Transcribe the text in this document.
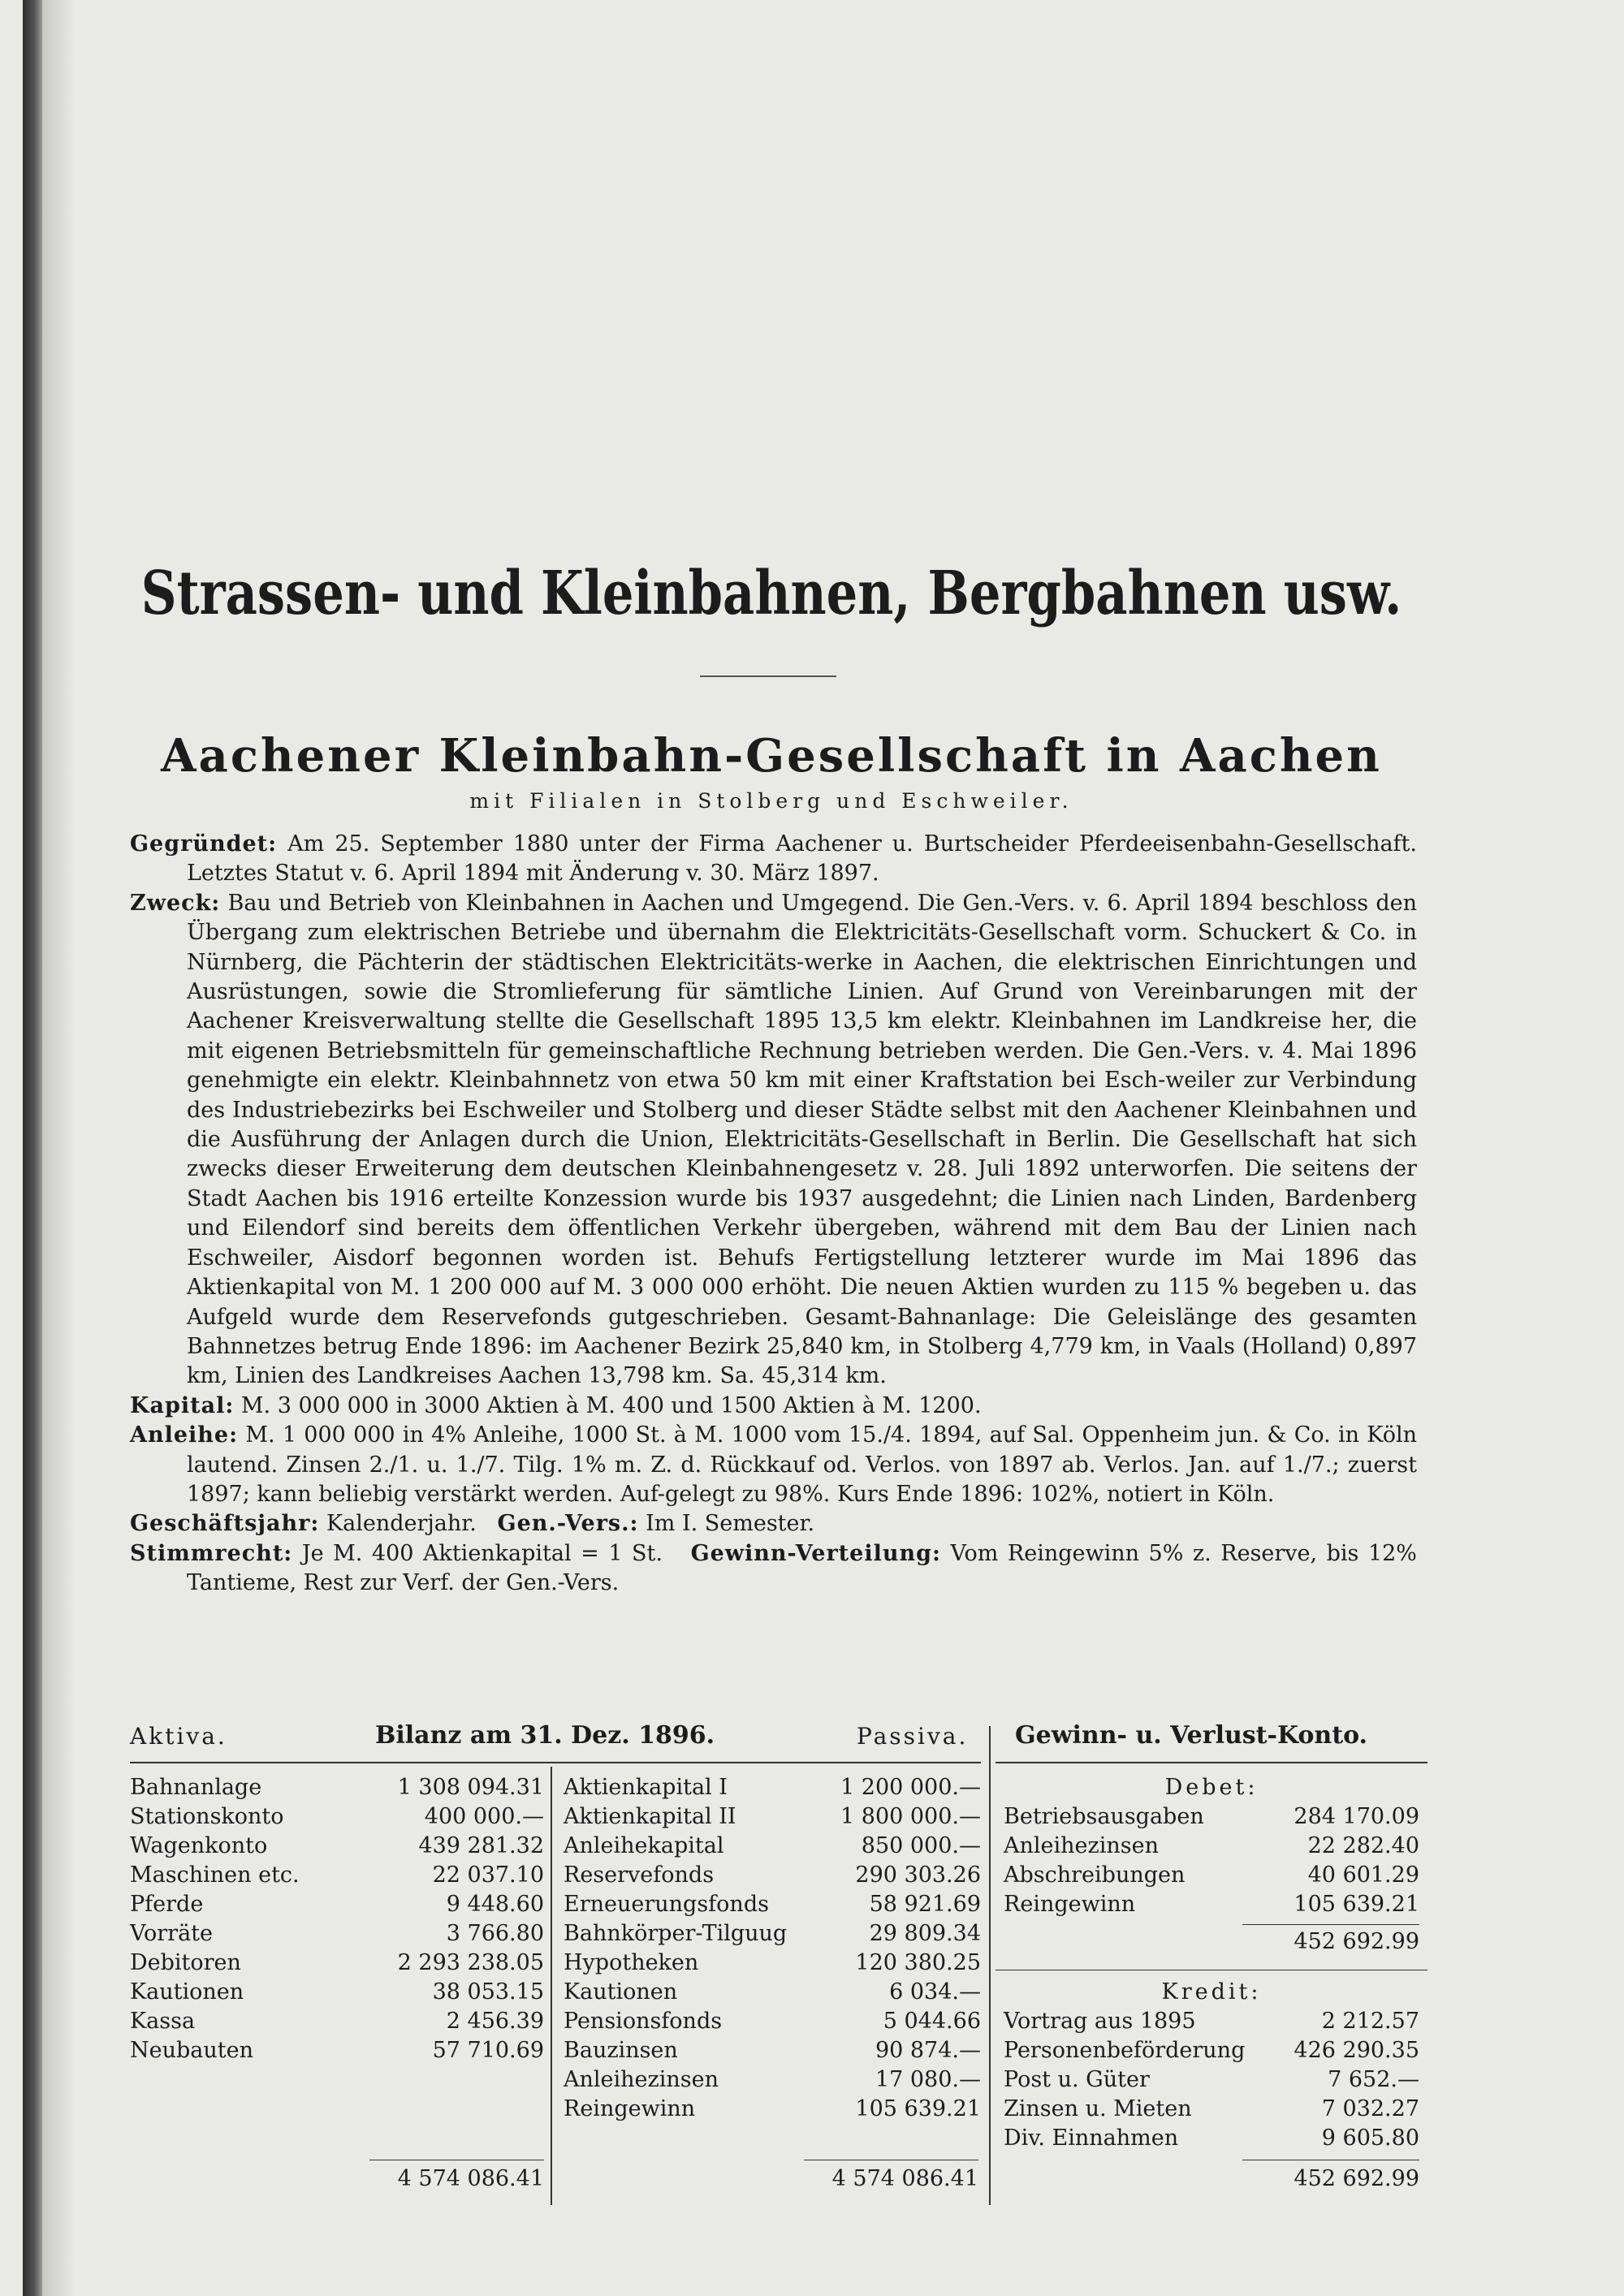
Strassen- und Kleinbahnen, Bergbahnen usw.
Aachener Kleinbahn-Gesellschaft in Aachen
mit Filialen in Stolberg und Eschweiler.

Gegründet: Am 25. September 1880 unter der Firma Aachener u. Burtscheider Pferdeeisenbahn-Gesellschaft. Letztes Statut v. 6. April 1894 mit Änderung v. 30. März 1897.

Zweck: Bau und Betrieb von Kleinbahnen in Aachen und Umgegend. Die Gen.-Vers. v. 6. April 1894 beschloss den Übergang zum elektrischen Betriebe und übernahm die Elektricitäts-Gesellschaft vorm. Schuckert & Co. in Nürnberg, die Pächterin der städtischen Elektricitäts-werke in Aachen, die elektrischen Einrichtungen und Ausrüstungen, sowie die Stromlieferung für sämtliche Linien. Auf Grund von Vereinbarungen mit der Aachener Kreisverwaltung stellte die Gesellschaft 1895 13,5 km elektr. Kleinbahnen im Landkreise her, die mit eigenen Betriebsmitteln für gemeinschaftliche Rechnung betrieben werden. Die Gen.-Vers. v. 4. Mai 1896 genehmigte ein elektr. Kleinbahnnetz von etwa 50 km mit einer Kraftstation bei Esch-weiler zur Verbindung des Industriebezirks bei Eschweiler und Stolberg und dieser Städte selbst mit den Aachener Kleinbahnen und die Ausführung der Anlagen durch die Union, Elektricitäts-Gesellschaft in Berlin. Die Gesellschaft hat sich zwecks dieser Erweiterung dem deutschen Kleinbahnengesetz v. 28. Juli 1892 unterworfen. Die seitens der Stadt Aachen bis 1916 erteilte Konzession wurde bis 1937 ausgedehnt; die Linien nach Linden, Bardenberg und Eilendorf sind bereits dem öffentlichen Verkehr übergeben, während mit dem Bau der Linien nach Eschweiler, Aisdorf begonnen worden ist. Behufs Fertigstellung letzterer wurde im Mai 1896 das Aktienkapital von M. 1 200 000 auf M. 3 000 000 erhöht. Die neuen Aktien wurden zu 115 % begeben u. das Aufgeld wurde dem Reservefonds gutgeschrieben. Gesamt-Bahnanlage: Die Geleislänge des gesamten Bahnnetzes betrug Ende 1896: im Aachener Bezirk 25,840 km, in Stolberg 4,779 km, in Vaals (Holland) 0,897 km, Linien des Landkreises Aachen 13,798 km. Sa. 45,314 km.

Kapital: M. 3 000 000 in 3000 Aktien à M. 400 und 1500 Aktien à M. 1200.

Anleihe: M. 1 000 000 in 4% Anleihe, 1000 St. à M. 1000 vom 15./4. 1894, auf Sal. Oppenheim jun. & Co. in Köln lautend. Zinsen 2./1. u. 1./7. Tilg. 1% m. Z. d. Rückkauf od. Verlos. von 1897 ab. Verlos. Jan. auf 1./7.; zuerst 1897; kann beliebig verstärkt werden. Auf-gelegt zu 98%. Kurs Ende 1896: 102%, notiert in Köln.

Geschäftsjahr: Kalenderjahr. Gen.-Vers.: Im I. Semester.

Stimmrecht: Je M. 400 Aktienkapital = 1 St. Gewinn-Verteilung: Vom Reingewinn 5% z. Reserve, bis 12% Tantieme, Rest zur Verf. der Gen.-Vers.

Aktiva.	Bilanz am 31. Dez. 1896.	Passiva. Gewinn- u. Verlust-Konto.
Bahnanlage	1 308 094.31
Stationskonto	400 000.—
Wagenkonto	439 281.32
Maschinen etc.	22 037.10
Pferde	9 448.60
Vorräte	3 766.80
Debitoren	2 293 238.05
Kautionen	38 053.15
Kassa	2 456.39
Neubauten	57 710.69
Aktienkapital I	1 200 000.—
Aktienkapital II	1 800 000.—
Anleihekapital	850 000.—
Reservefonds	290 303.26
Erneuerungsfonds	58 921.69
Bahnkörper-Tilguug	29 809.34
Hypotheken	120 380.25
Kautionen	6 034.—
Pensionsfonds	5 044.66
Bauzinsen	90 874.—
Anleihezinsen	17 080.—
Reingewinn	105 639.21
4 574 086.41	4 574 086.41
Debet:
Betriebsausgaben	284 170.09
Anleihezinsen	22 282.40
Abschreibungen	40 601.29
Reingewinn	105 639.21
452 692.99
Kredit:
Vortrag aus 1895	2 212.57
Personenbeförderung 426 290.35
Post u. Güter	7 652.—
Zinsen u. Mieten	7 032.27
Div. Einnahmen	9 605.80
452 692.99
